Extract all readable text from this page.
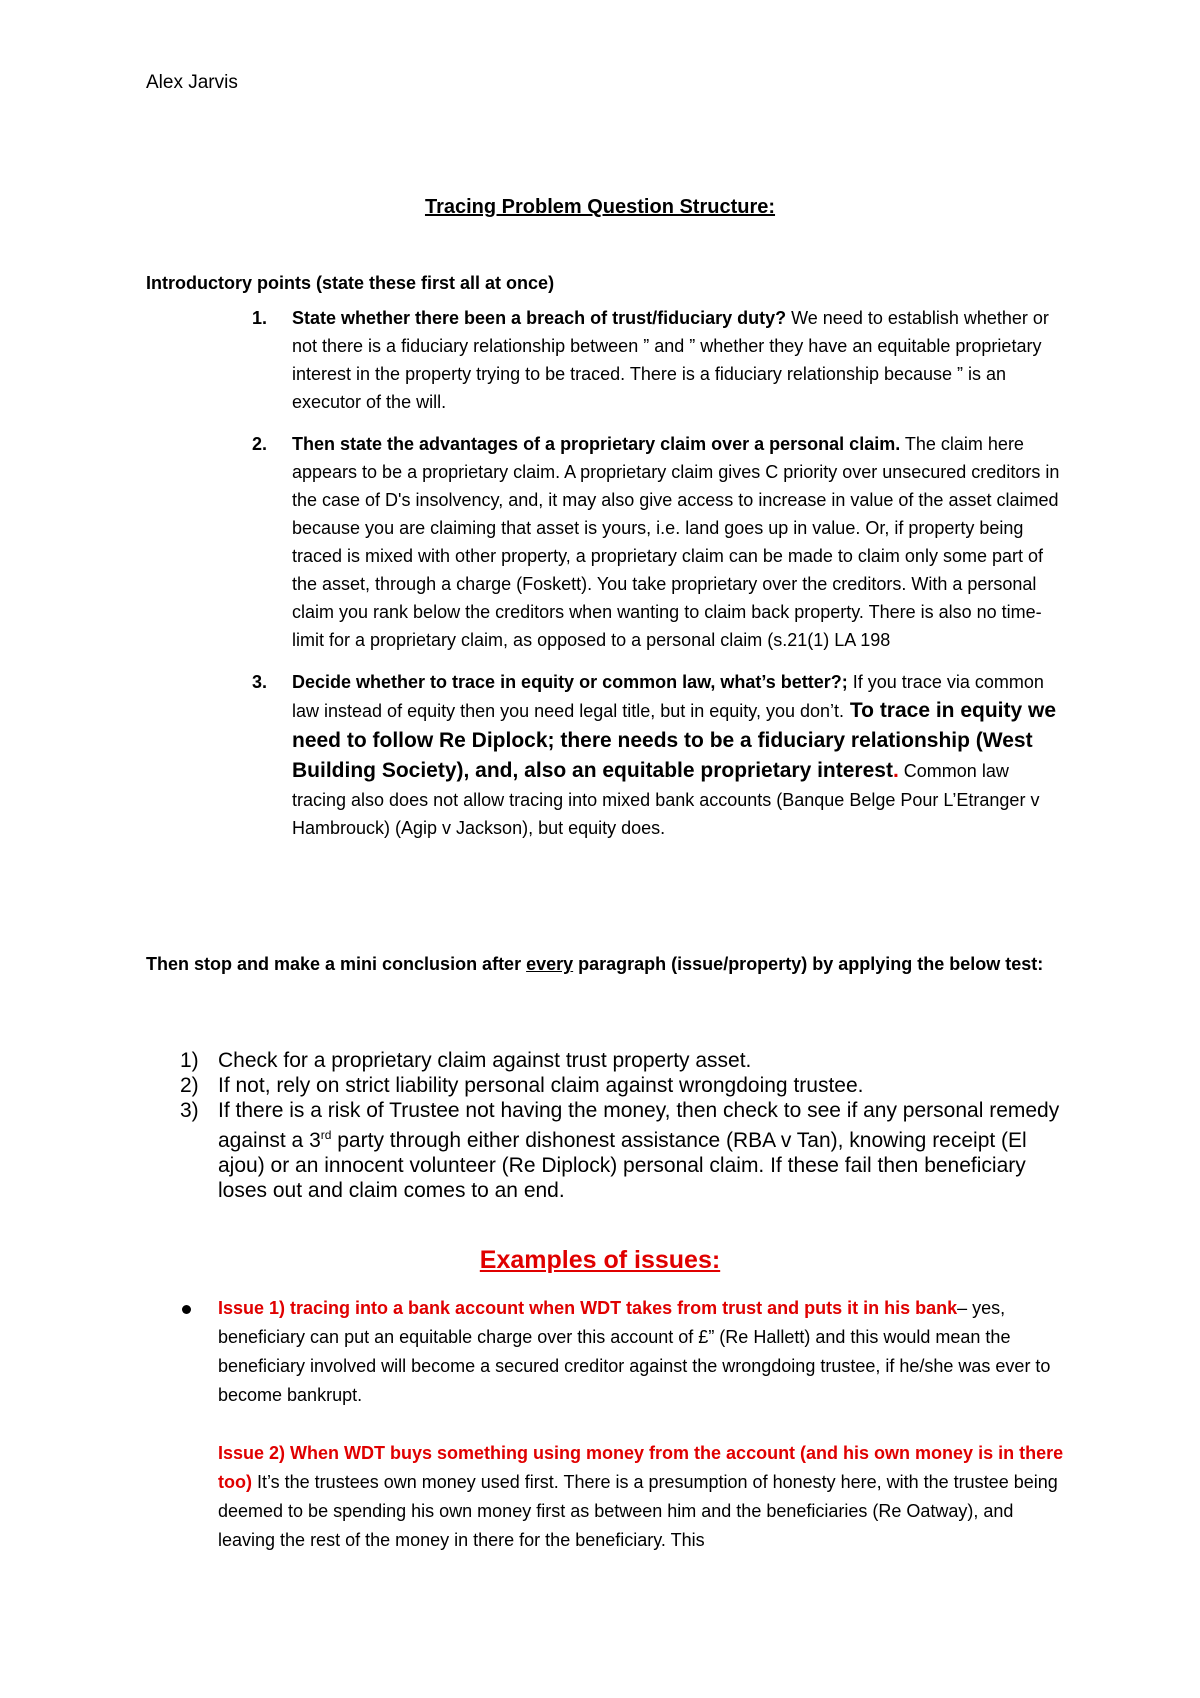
Alex Jarvis
Tracing Problem Question Structure:
Introductory points (state these first all at once)
1. State whether there been a breach of trust/fiduciary duty? We need to establish whether or not there is a fiduciary relationship between ” and ” whether they have an equitable proprietary interest in the property trying to be traced. There is a fiduciary relationship because ” is an executor of the will.
2. Then state the advantages of a proprietary claim over a personal claim. The claim here appears to be a proprietary claim. A proprietary claim gives C priority over unsecured creditors in the case of D's insolvency, and, it may also give access to increase in value of the asset claimed because you are claiming that asset is yours, i.e. land goes up in value. Or, if property being traced is mixed with other property, a proprietary claim can be made to claim only some part of the asset, through a charge (Foskett). You take proprietary over the creditors. With a personal claim you rank below the creditors when wanting to claim back property. There is also no time-limit for a proprietary claim, as opposed to a personal claim (s.21(1) LA 198
3. Decide whether to trace in equity or common law, what’s better?; If you trace via common law instead of equity then you need legal title, but in equity, you don’t. To trace in equity we need to follow Re Diplock; there needs to be a fiduciary relationship (West Building Society), and, also an equitable proprietary interest. Common law tracing also does not allow tracing into mixed bank accounts (Banque Belge Pour L’Etranger v Hambrouck) (Agip v Jackson), but equity does.
Then stop and make a mini conclusion after every paragraph (issue/property) by applying the below test:
1) Check for a proprietary claim against trust property asset.
2) If not, rely on strict liability personal claim against wrongdoing trustee.
3) If there is a risk of Trustee not having the money, then check to see if any personal remedy against a 3rd party through either dishonest assistance (RBA v Tan), knowing receipt (El ajou) or an innocent volunteer (Re Diplock) personal claim. If these fail then beneficiary loses out and claim comes to an end.
Examples of issues:
Issue 1) tracing into a bank account when WDT takes from trust and puts it in his bank– yes, beneficiary can put an equitable charge over this account of £” (Re Hallett) and this would mean the beneficiary involved will become a secured creditor against the wrongdoing trustee, if he/she was ever to become bankrupt.
Issue 2) When WDT buys something using money from the account (and his own money is in there too) It’s the trustees own money used first. There is a presumption of honesty here, with the trustee being deemed to be spending his own money first as between him and the beneficiaries (Re Oatway), and leaving the rest of the money in there for the beneficiary. This
